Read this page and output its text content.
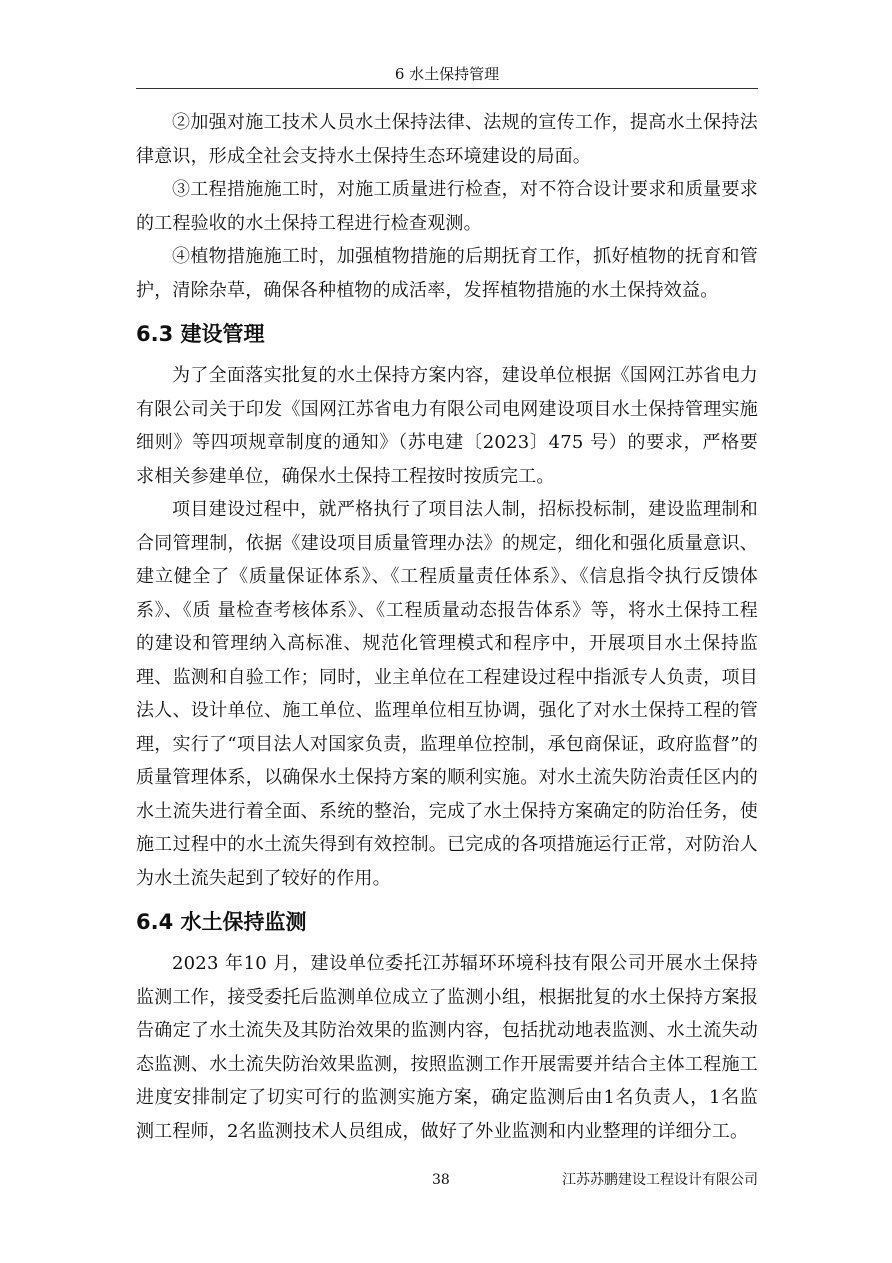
6 水土保持管理

②加强对施工技术人员水土保持法律、法规的宣传工作，提高水土保持法律意识，形成全社会支持水土保持生态环境建设的局面。

③工程措施施工时，对施工质量进行检查，对不符合设计要求和质量要求的工程验收的水土保持工程进行检查观测。

④植物措施施工时，加强植物措施的后期抚育工作，抓好植物的抚育和管护，清除杂草，确保各种植物的成活率，发挥植物措施的水土保持效益。

6.3 建设管理

为了全面落实批复的水土保持方案内容，建设单位根据《国网江苏省电力有限公司关于印发《国网江苏省电力有限公司电网建设项目水土保持管理实施细则》等四项规章制度的通知》（苏电建〔2023〕475 号）的要求，严格要求相关参建单位，确保水土保持工程按时按质完工。

项目建设过程中，就严格执行了项目法人制，招标投标制，建设监理制和合同管理制，依据《建设项目质量管理办法》的规定，细化和强化质量意识、建立健全了《质量保证体系》、《工程质量责任体系》、《信息指令执行反馈体系》、《质 量检查考核体系》、《工程质量动态报告体系》等，将水土保持工程的建设和管理纳入高标准、规范化管理模式和程序中，开展项目水土保持监理、监测和自验工作；同时，业主单位在工程建设过程中指派专人负责，项目法人、设计单位、施工单位、监理单位相互协调，强化了对水土保持工程的管理，实行了“项目法人对国家负责，监理单位控制，承包商保证，政府监督”的质量管理体系，以确保水土保持方案的顺利实施。对水土流失防治责任区内的水土流失进行着全面、系统的整治，完成了水土保持方案确定的防治任务，使施工过程中的水土流失得到有效控制。已完成的各项措施运行正常，对防治人为水土流失起到了较好的作用。

6.4 水土保持监测

2023 年10 月，建设单位委托江苏辐环环境科技有限公司开展水土保持监测工作，接受委托后监测单位成立了监测小组，根据批复的水土保持方案报告确定了水土流失及其防治效果的监测内容，包括扰动地表监测、水土流失动态监测、水土流失防治效果监测，按照监测工作开展需要并结合主体工程施工进度安排制定了切实可行的监测实施方案，确定监测后由1名负责人，1名监测工程师，2名监测技术人员组成，做好了外业监测和内业整理的详细分工。

38	江苏苏鹏建设工程设计有限公司
